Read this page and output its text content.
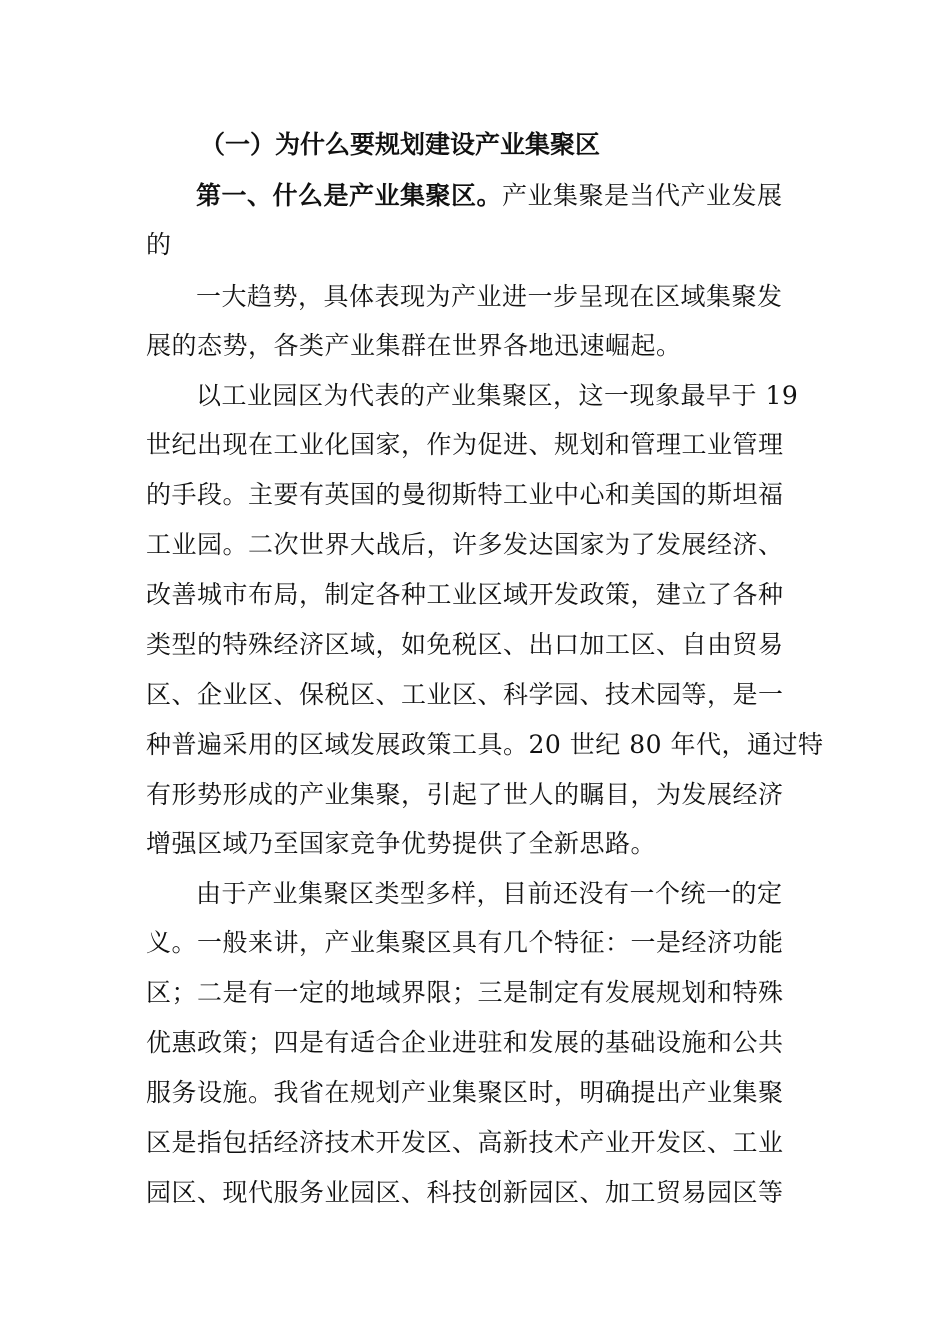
（一）为什么要规划建设产业集聚区
第一、什么是产业集聚区。产业集聚是当代产业发展
的
一大趋势，具体表现为产业进一步呈现在区域集聚发
展的态势，各类产业集群在世界各地迅速崛起。
以工业园区为代表的产业集聚区，这一现象最早于 19
世纪出现在工业化国家，作为促进、规划和管理工业管理
的手段。主要有英国的曼彻斯特工业中心和美国的斯坦福
工业园。二次世界大战后，许多发达国家为了发展经济、
改善城市布局，制定各种工业区域开发政策，建立了各种
类型的特殊经济区域，如免税区、出口加工区、自由贸易
区、企业区、保税区、工业区、科学园、技术园等，是一
种普遍采用的区域发展政策工具。20 世纪 80 年代，通过特
有形势形成的产业集聚，引起了世人的瞩目，为发展经济
增强区域乃至国家竞争优势提供了全新思路。
由于产业集聚区类型多样，目前还没有一个统一的定
义。一般来讲，产业集聚区具有几个特征：一是经济功能
区；二是有一定的地域界限；三是制定有发展规划和特殊
优惠政策；四是有适合企业进驻和发展的基础设施和公共
服务设施。我省在规划产业集聚区时，明确提出产业集聚
区是指包括经济技术开发区、高新技术产业开发区、工业
园区、现代服务业园区、科技创新园区、加工贸易园区等
